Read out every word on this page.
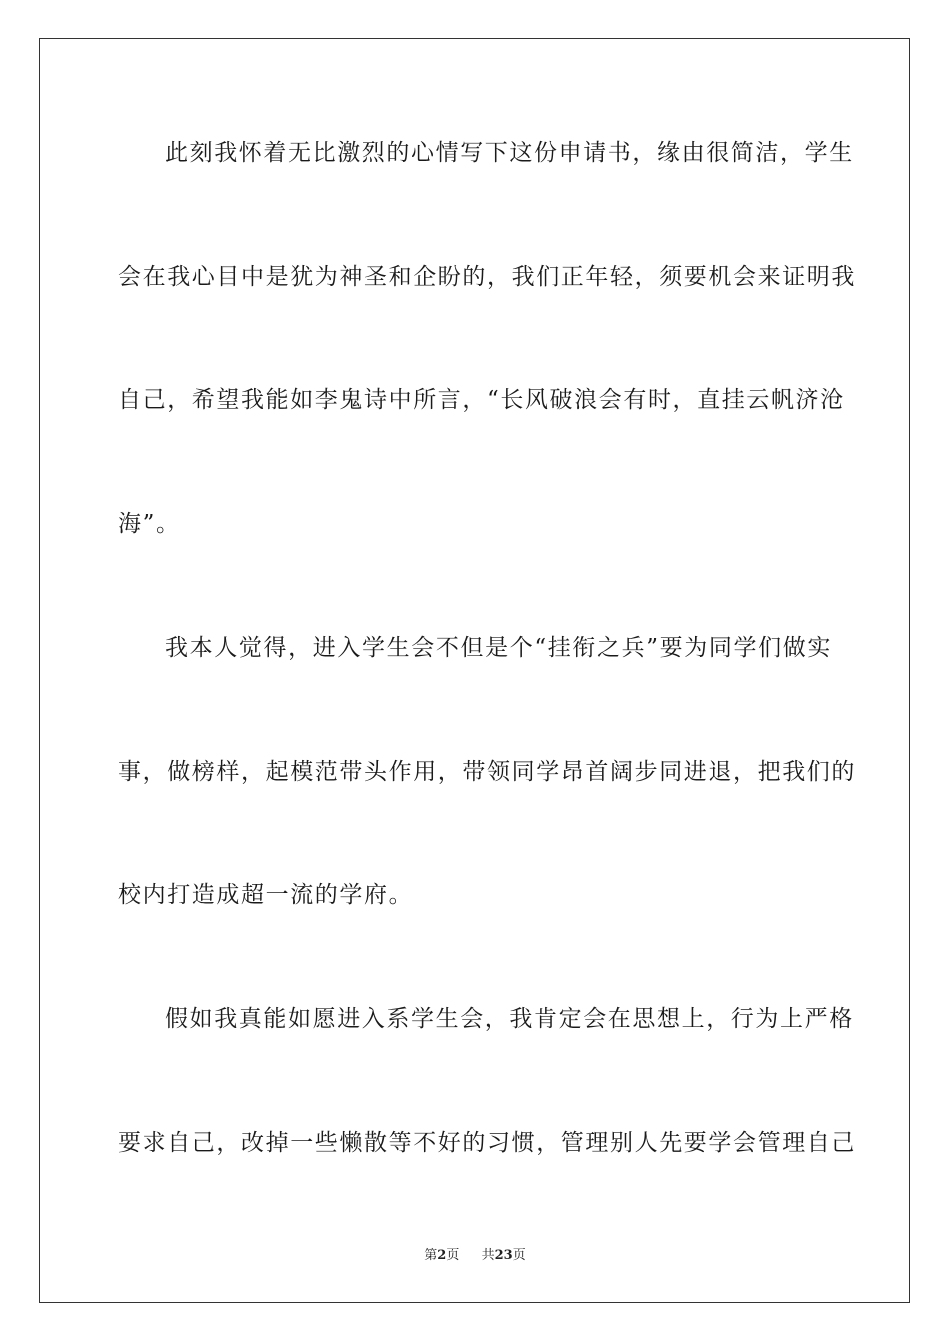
此刻我怀着无比激烈的心情写下这份申请书，缘由很简洁，学生
会在我心目中是犹为神圣和企盼的，我们正年轻，须要机会来证明我
自己，希望我能如李鬼诗中所言，“长风破浪会有时，直挂云帆济沧
海”。
我本人觉得，进入学生会不但是个“挂衔之兵”要为同学们做实
事，做榜样，起模范带头作用，带领同学昂首阔步同进退，把我们的
校内打造成超一流的学府。
假如我真能如愿进入系学生会，我肯定会在思想上，行为上严格
要求自己，改掉一些懒散等不好的习惯，管理别人先要学会管理自己
第2页 共23页
